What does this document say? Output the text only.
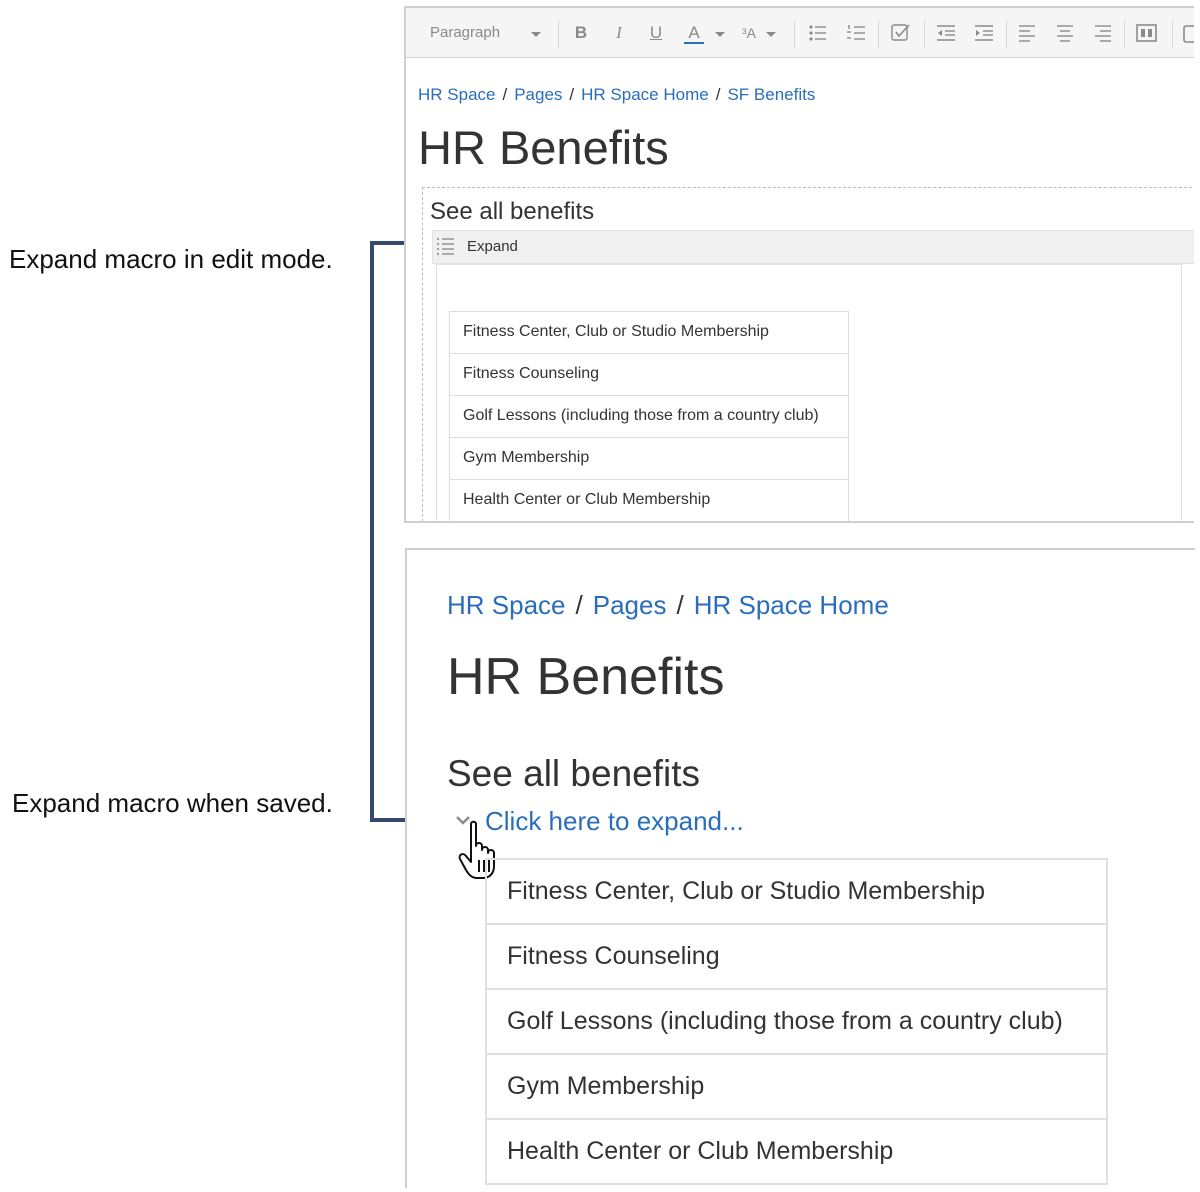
Expand macro in edit mode.
Expand macro when saved.
Paragraph	B	I	U A	³A
HR Space / Pages / HR Space Home / SF Benefits
HR Benefits
See all benefits
Expand
Fitness Center, Club or Studio Membership
Fitness Counseling
Golf Lessons (including those from a country club)
Gym Membership
Health Center or Club Membership
HR Space / Pages / HR Space Home
HR Benefits
See all benefits
Click here to expand...
Fitness Center, Club or Studio Membership
Fitness Counseling
Golf Lessons (including those from a country club)
Gym Membership
Health Center or Club Membership
